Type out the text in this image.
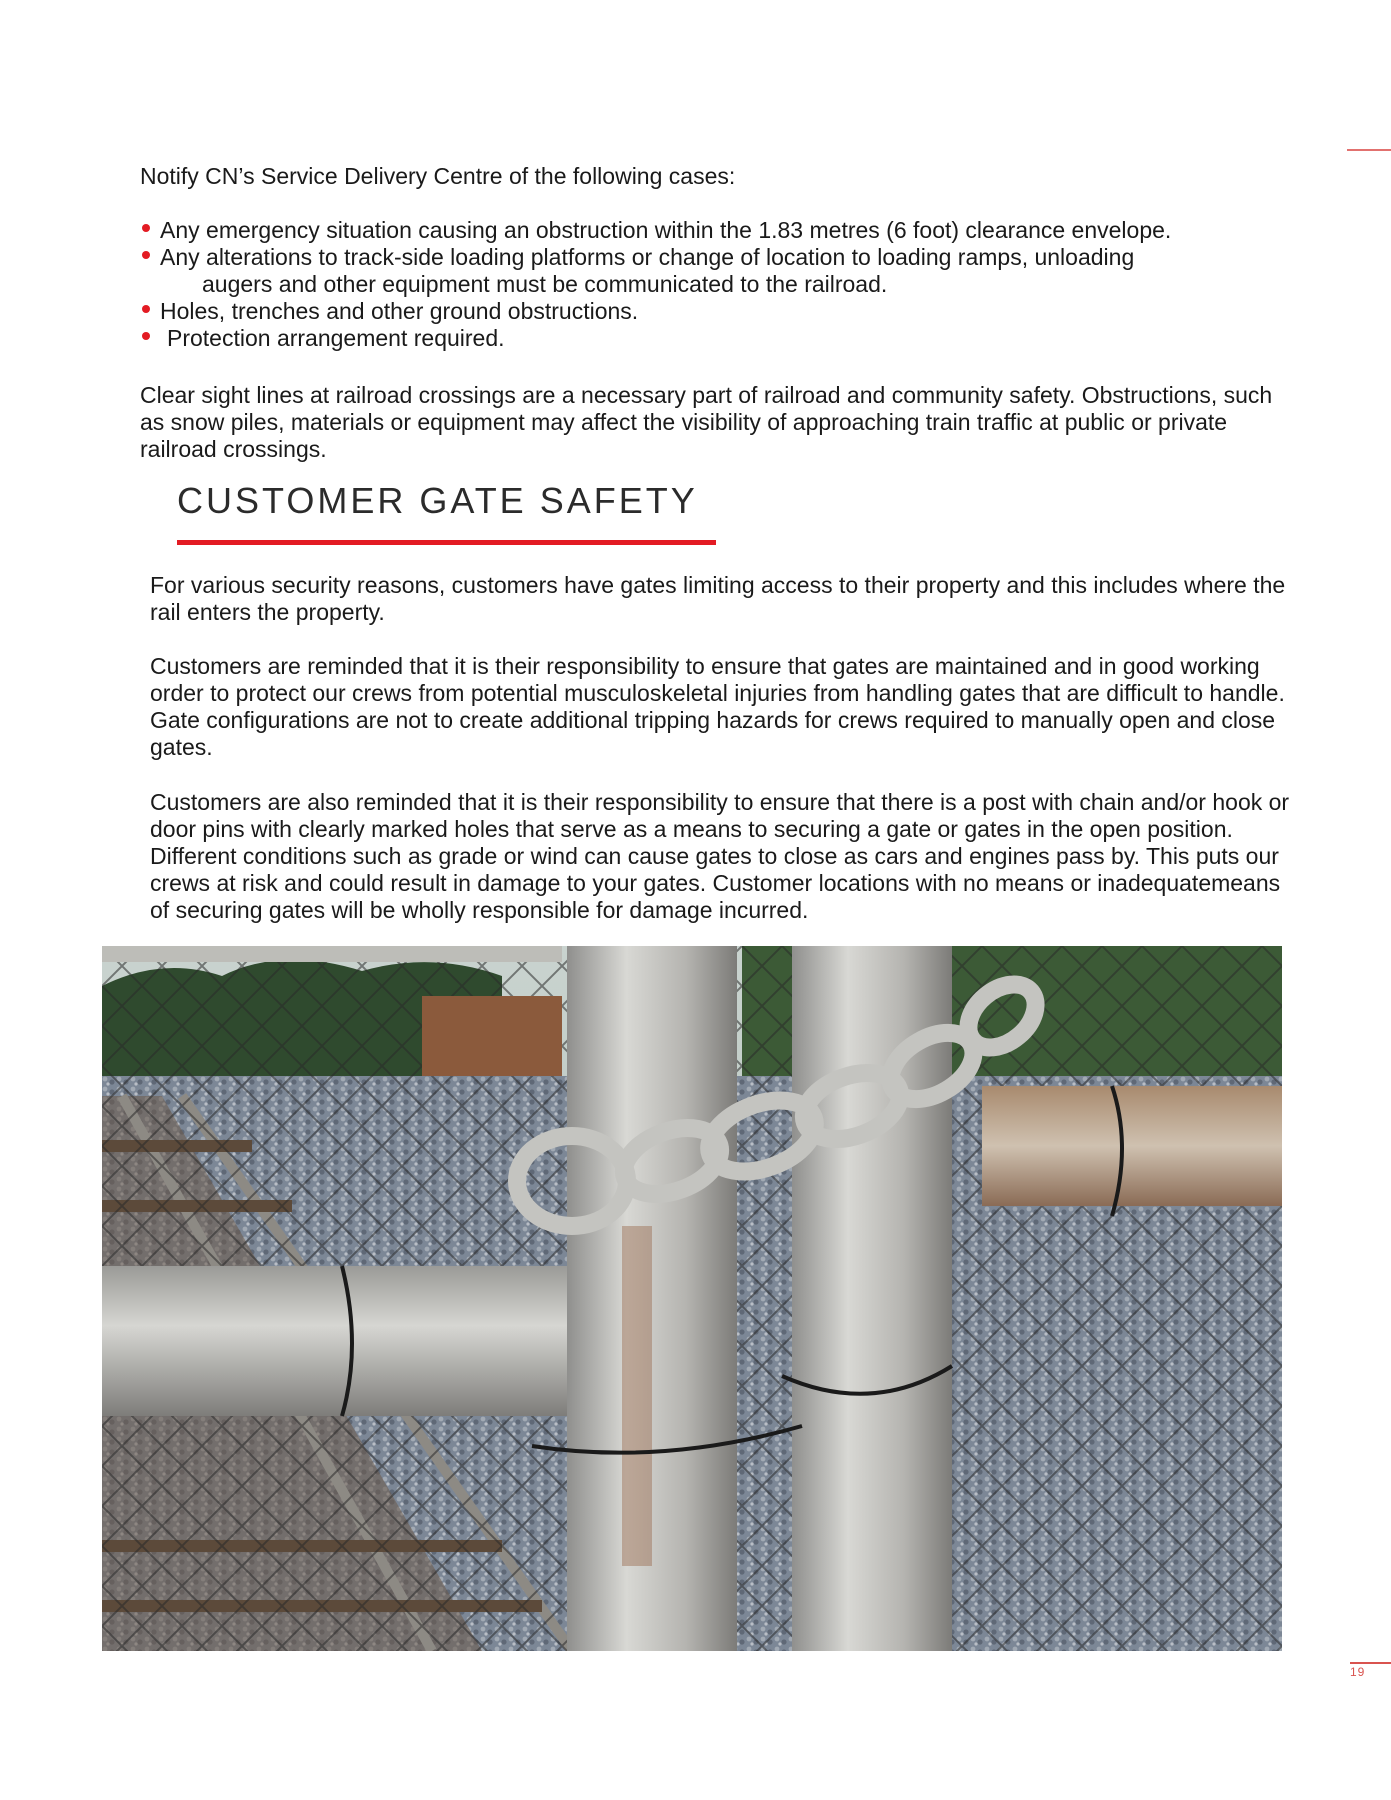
Notify CN’s Service Delivery Centre of the following cases:

Any emergency situation causing an obstruction within the 1.83 metres (6 foot) clearance envelope.
Any alterations to track-side loading platforms or change of location to loading ramps, unloading
augers and other equipment must be communicated to the railroad.
Holes, trenches and other ground obstructions.
Protection arrangement required.

Clear sight lines at railroad crossings are a necessary part of railroad and community safety. Obstructions, such as snow piles, materials or equipment may affect the visibility of approaching train traffic at public or private railroad crossings.

CUSTOMER GATE SAFETY

For various security reasons, customers have gates limiting access to their property and this includes where the rail enters the property.

Customers are reminded that it is their responsibility to ensure that gates are maintained and in good working order to protect our crews from potential musculoskeletal injuries from handling gates that are difficult to handle. Gate configurations are not to create additional tripping hazards for crews required to manually open and close gates.

Customers are also reminded that it is their responsibility to ensure that there is a post with chain and/or hook or door pins with clearly marked holes that serve as a means to securing a gate or gates in the open position. Different conditions such as grade or wind can cause gates to close as cars and engines pass by. This puts our crews at risk and could result in damage to your gates. Customer locations with no means or inadequatemeans of securing gates will be wholly responsible for damage incurred.

19
